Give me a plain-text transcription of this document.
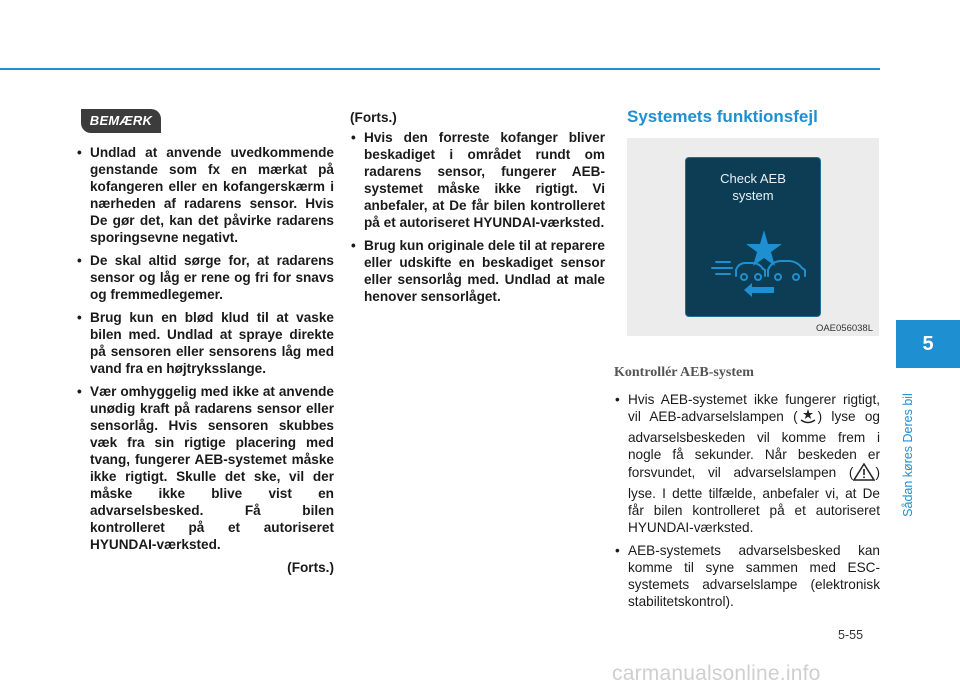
BEMÆRK
• Undlad at anvende uvedkommende genstande som fx en mærkat på kofangeren eller en kofangerskærm i nærheden af radarens sensor. Hvis De gør det, kan det påvirke radarens sporingsevne negativt.
• De skal altid sørge for, at radarens sensor og låg er rene og fri for snavs og fremmedlegemer.
• Brug kun en blød klud til at vaske bilen med. Undlad at spraye direkte på sensoren eller sensorens låg med vand fra en højtryksslange.
• Vær omhyggelig med ikke at anvende unødig kraft på radarens sensor eller sensorlåg. Hvis sensoren skubbes væk fra sin rigtige placering med tvang, fungerer AEB-systemet måske ikke rigtigt. Skulle det ske, vil der måske ikke blive vist en advarselsbesked. Få bilen kontrolleret på et autoriseret HYUNDAI-værksted.
(Forts.)
(Forts.)
• Hvis den forreste kofanger bliver beskadiget i området rundt om radarens sensor, fungerer AEB-systemet måske ikke rigtigt. Vi anbefaler, at De får bilen kontrolleret på et autoriseret HYUNDAI-værksted.
• Brug kun originale dele til at reparere eller udskifte en beskadiget sensor eller sensorlåg med. Undlad at male henover sensorlåget.
Systemets funktionsfejl
Check AEB
system
OAE056038L
Kontrollér AEB-system
• Hvis AEB-systemet ikke fungerer rigtigt, vil AEB-advarselslampen ( ) lyse og advarselsbeskeden vil komme frem i nogle få sekunder. Når beskeden er forsvundet, vil advarselslampen ( ) lyse. I dette tilfælde, anbefaler vi, at De får bilen kontrolleret på et autoriseret HYUNDAI-værksted.
• AEB-systemets advarselsbesked kan komme til syne sammen med ESC-systemets advarselslampe (elektronisk stabilitetskontrol).
5
Sådan køres Deres bil
5-55
carmanualsonline.info
